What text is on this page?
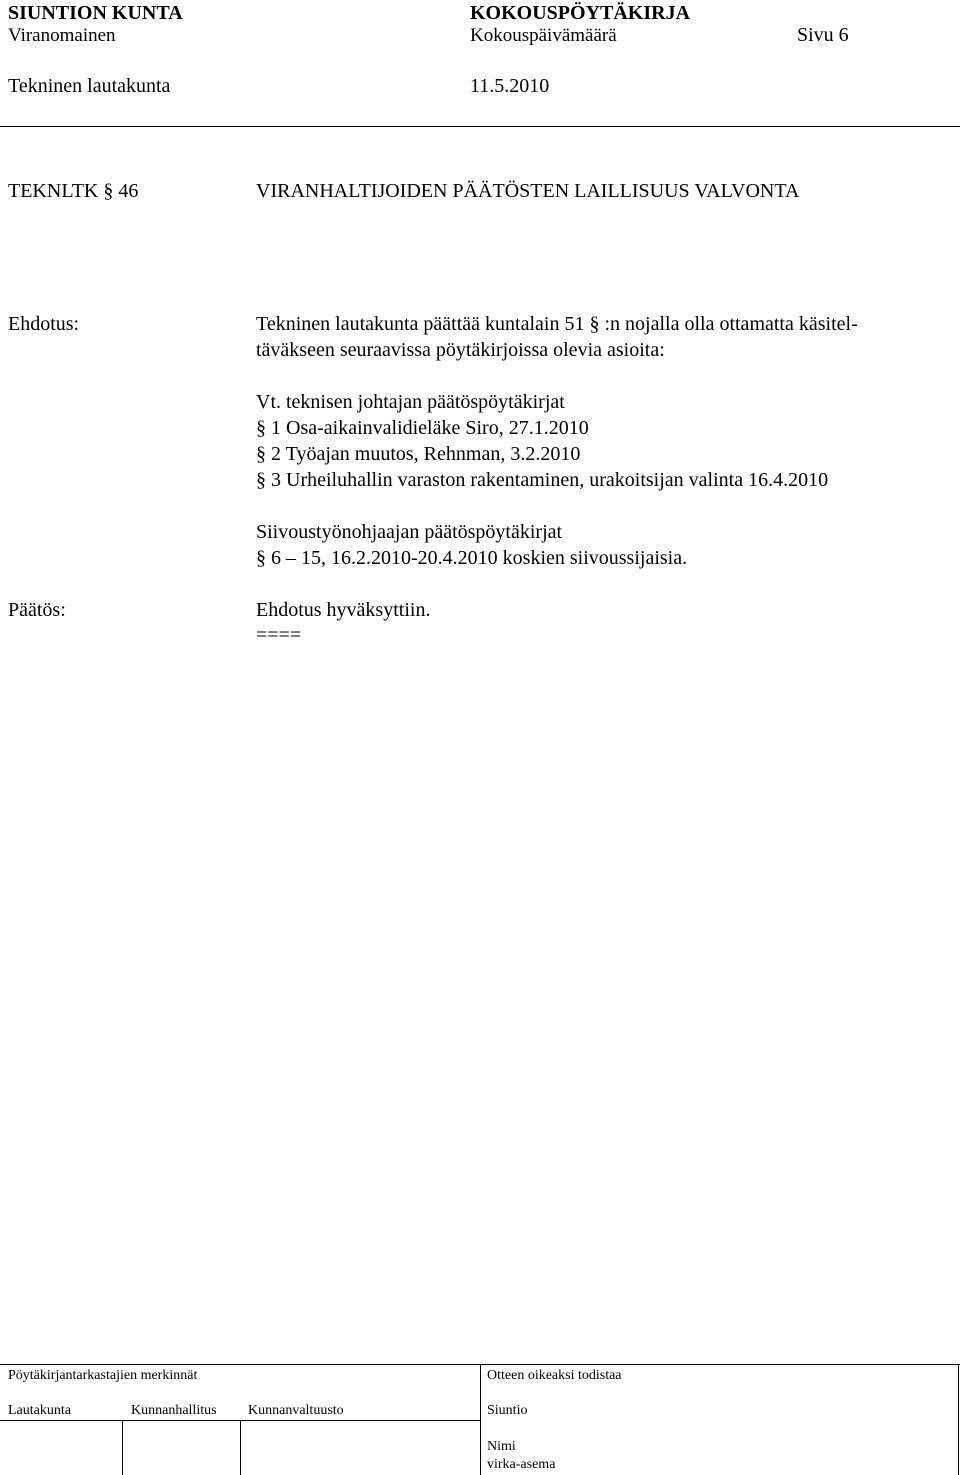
SIUNTION KUNTA	KOKOUSPÖYTÄKIRJA
Viranomainen	Kokouspäivämäärä	Sivu 6
Tekninen lautakunta	11.5.2010
TEKNLTK § 46	VIRANHALTIJOIDEN PÄÄTÖSTEN LAILLISUUS VALVONTA
Ehdotus:	Tekninen lautakunta päättää kuntalain 51 § :n nojalla olla ottamatta käsitel-
täväkseen seuraavissa pöytäkirjoissa olevia asioita:
Vt. teknisen johtajan päätöspöytäkirjat
§ 1 Osa-aikainvalidieläke Siro, 27.1.2010
§ 2 Työajan muutos, Rehnman, 3.2.2010
§ 3 Urheiluhallin varaston rakentaminen, urakoitsijan valinta 16.4.2010
Siivoustyönohjaajan päätöspöytäkirjat
§ 6 – 15, 16.2.2010-20.4.2010 koskien siivoussijaisia.
Päätös:	Ehdotus hyväksyttiin.
====
Pöytäkirjantarkastajien merkinnät	Otteen oikeaksi todistaa
Lautakunta	Kunnanhallitus Kunnanvaltuusto	Siuntio
Nimi
virka-asema
